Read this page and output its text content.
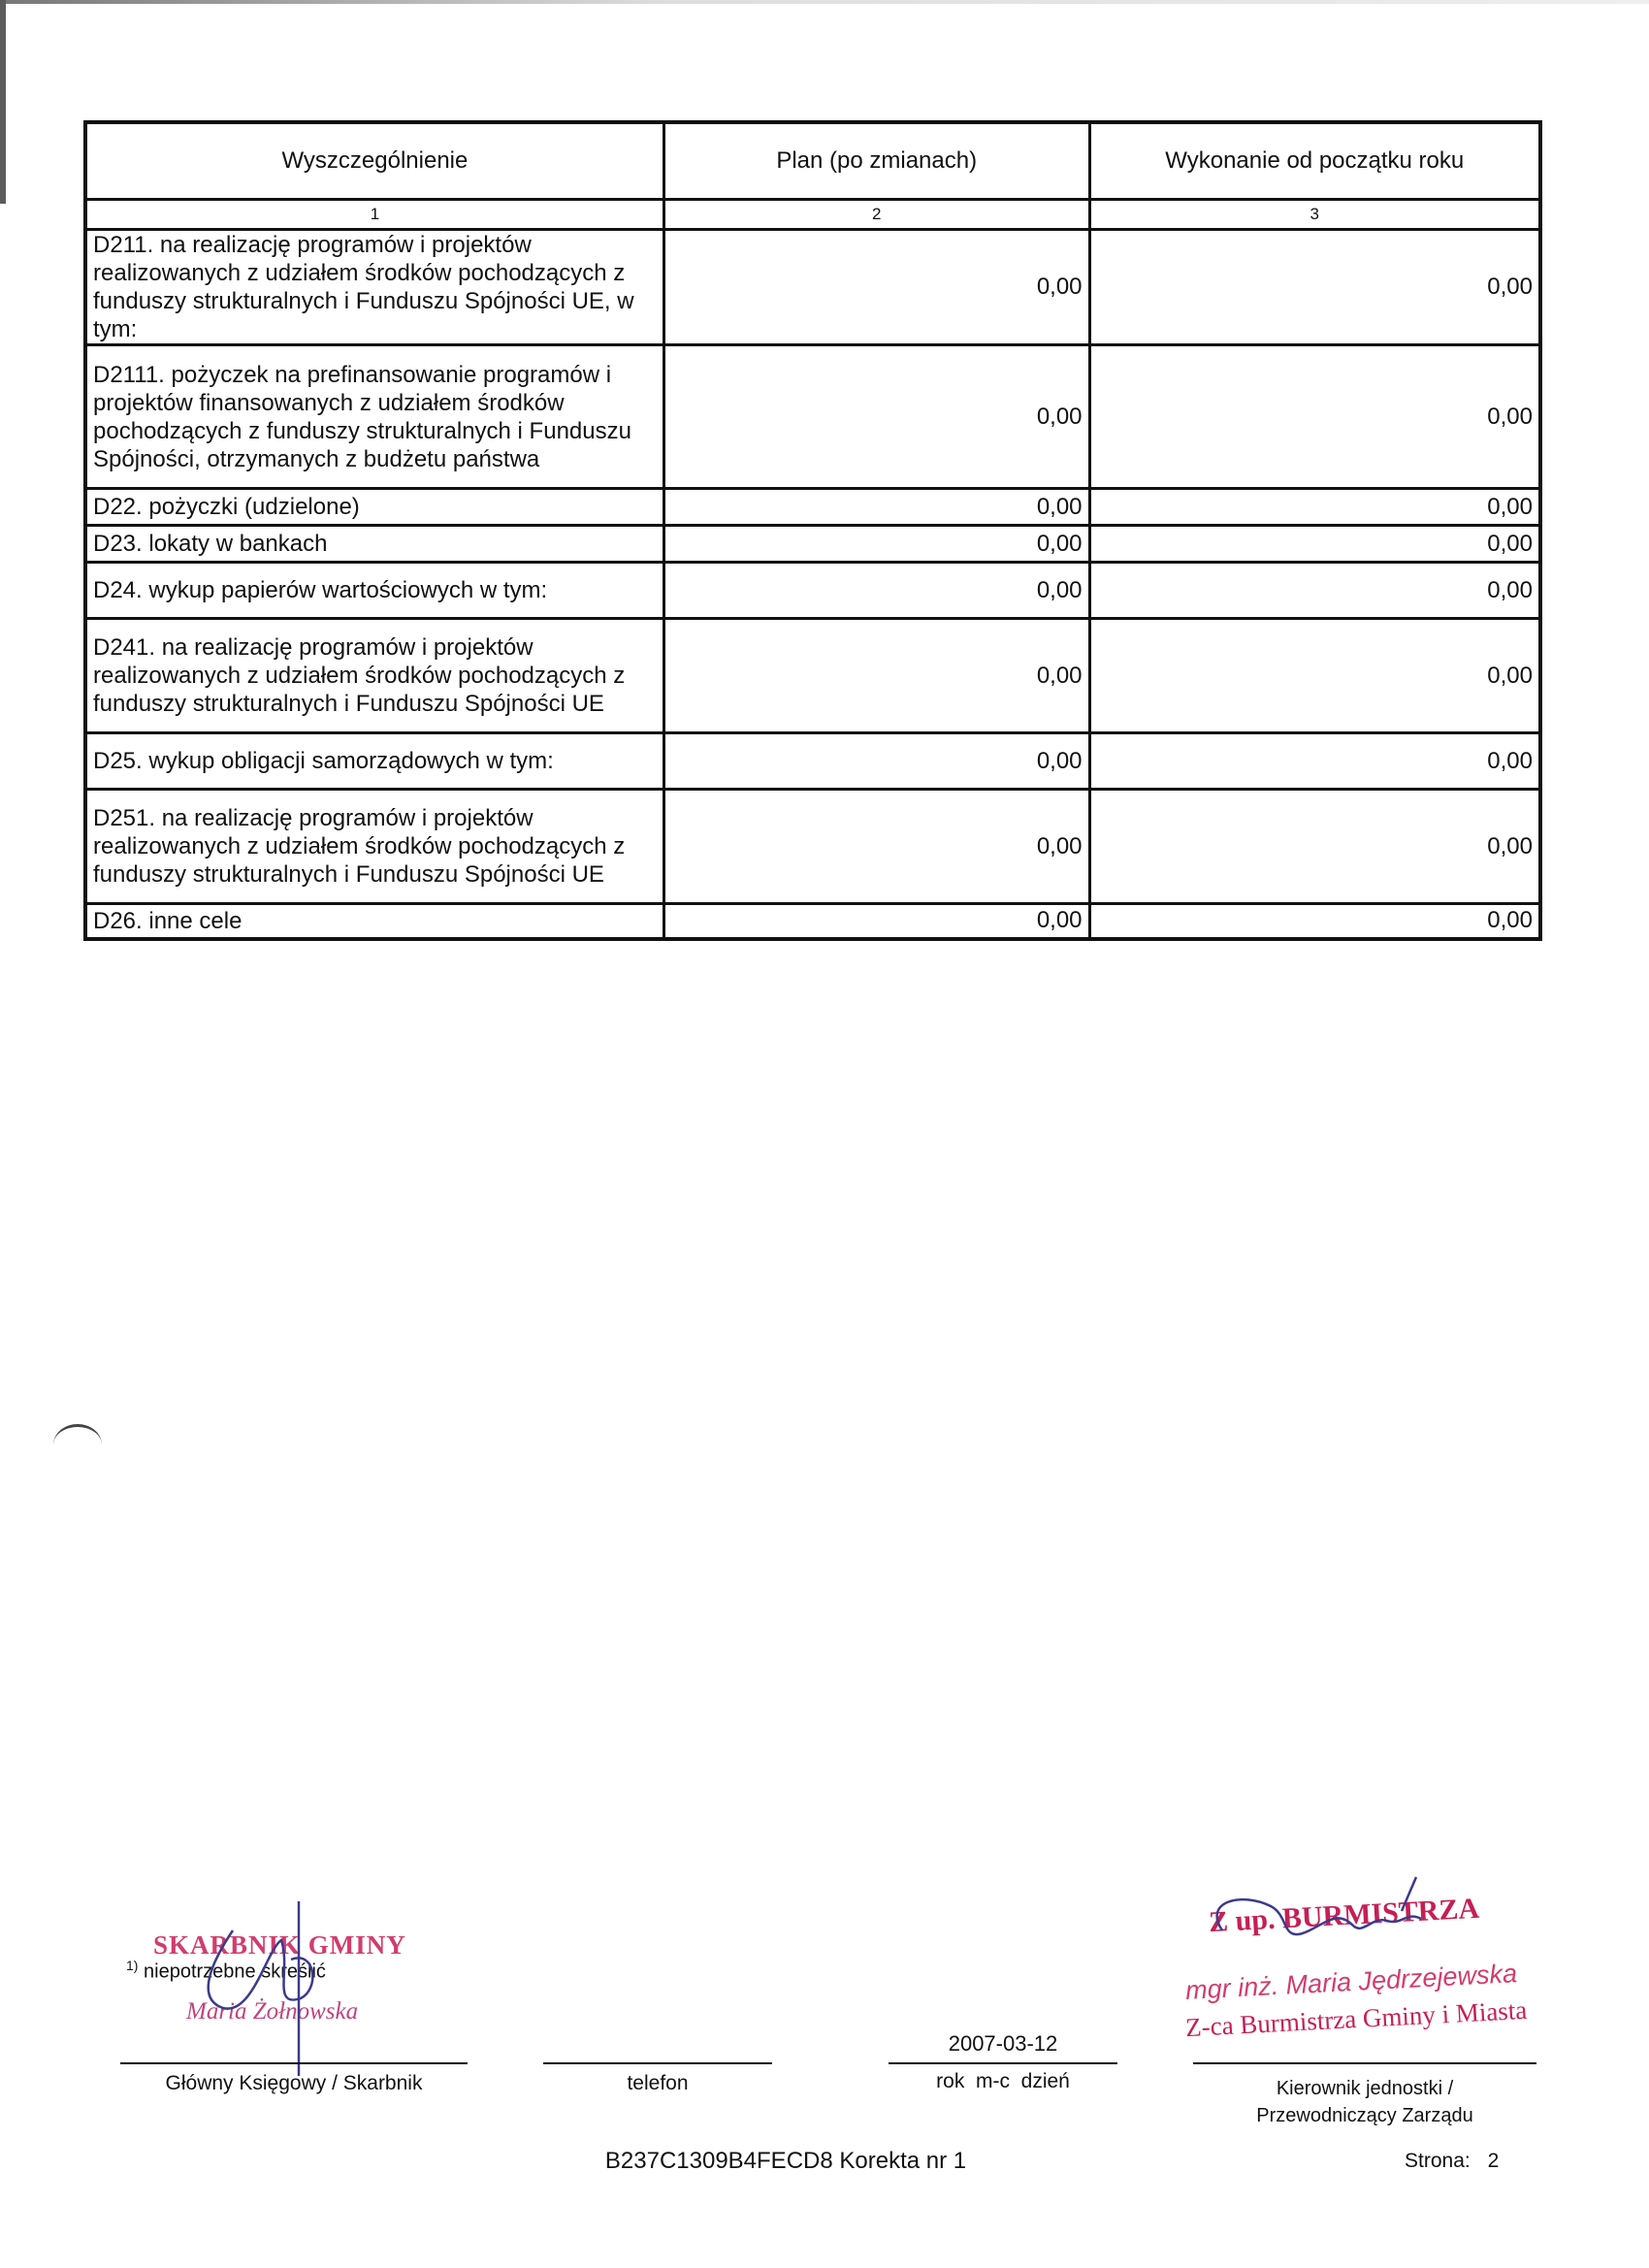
Wyszczególnienie	Plan (po zmianach)	Wykonanie od początku roku
1	2	3
D211. na realizację programów i projektów realizowanych z udziałem środków pochodzących z funduszy strukturalnych i Funduszu Spójności UE, w tym:	0,00	0,00
D2111. pożyczek na prefinansowanie programów i projektów finansowanych z udziałem środków pochodzących z funduszy strukturalnych i Funduszu Spójności, otrzymanych z budżetu państwa	0,00	0,00
D22. pożyczki (udzielone)	0,00	0,00
D23. lokaty w bankach	0,00	0,00
D24. wykup papierów wartościowych w tym:	0,00	0,00
D241. na realizację programów i projektów realizowanych z udziałem środków pochodzących z funduszy strukturalnych i Funduszu Spójności UE	0,00	0,00
D25. wykup obligacji samorządowych w tym:	0,00	0,00
D251. na realizację programów i projektów realizowanych z udziałem środków pochodzących z funduszy strukturalnych i Funduszu Spójności UE	0,00	0,00
D26. inne cele	0,00	0,00
$^{1)}$ niepotrzebne skreślić
SKARBNIK GMINY
Maria Żołnowska
Z up. BURMISTRZA
mgr inż. Maria Jędrzejewska
Z-ca Burmistrza Gminy i Miasta
Główny Księgowy / Skarbnik	telefon
2007-03-12
rok  m-c  dzień	Kierownik jednostki /
Przewodniczący Zarządu
B237C1309B4FECD8 Korekta nr 1	Strona: 2
